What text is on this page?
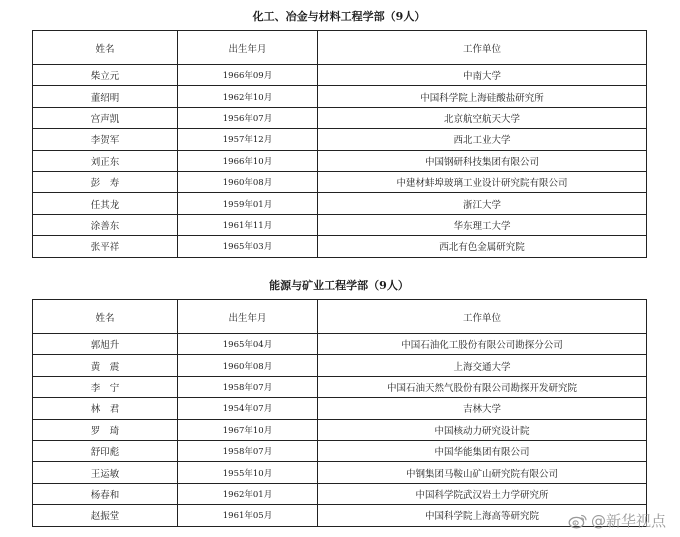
化工、冶金与材料工程学部（9人）
姓名	出生年月	工作单位
柴立元	1966年09月	中南大学
董绍明	1962年10月	中国科学院上海硅酸盐研究所
宫声凯	1956年07月	北京航空航天大学
李贺军	1957年12月	西北工业大学
刘正东	1966年10月	中国钢研科技集团有限公司
彭　寿	1960年08月	中建材蚌埠玻璃工业设计研究院有限公司
任其龙	1959年01月	浙江大学
涂善东	1961年11月	华东理工大学
张平祥	1965年03月	西北有色金属研究院
能源与矿业工程学部（9人）
姓名	出生年月	工作单位
郭旭升	1965年04月	中国石油化工股份有限公司勘探分公司
黄　震	1960年08月	上海交通大学
李　宁	1958年07月	中国石油天然气股份有限公司勘探开发研究院
林　君	1954年07月	吉林大学
罗　琦	1967年10月	中国核动力研究设计院
舒印彪	1958年07月	中国华能集团有限公司
王运敏	1955年10月	中钢集团马鞍山矿山研究院有限公司
杨春和	1962年01月	中国科学院武汉岩土力学研究所
赵振堂	1961年05月	中国科学院上海高等研究院	@新华视点
